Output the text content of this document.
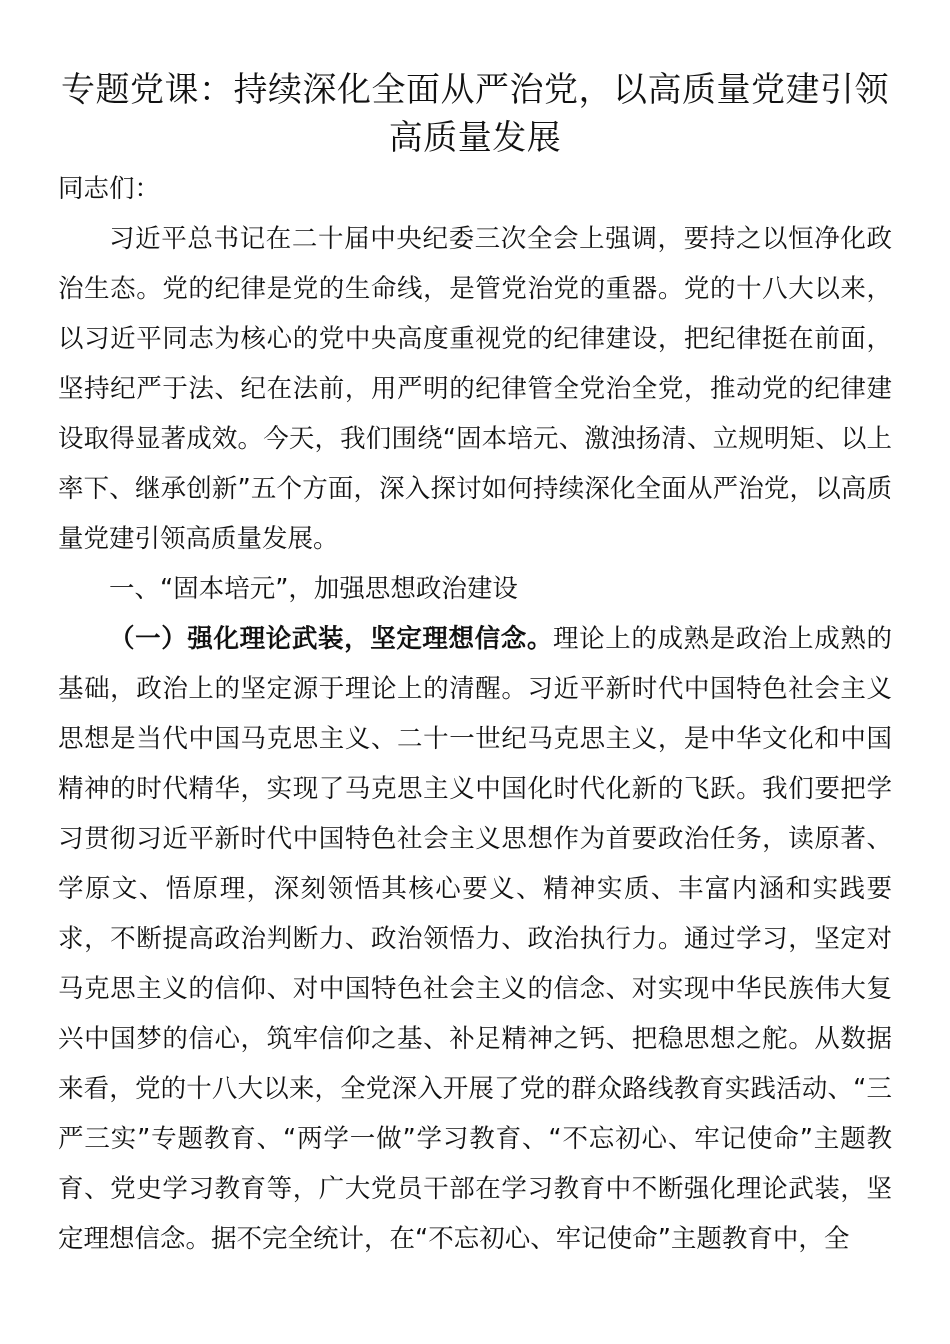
专题党课：持续深化全面从严治党，以高质量党建引领高质量发展

同志们：

习近平总书记在二十届中央纪委三次全会上强调，要持之以恒净化政治生态。党的纪律是党的生命线，是管党治党的重器。党的十八大以来，以习近平同志为核心的党中央高度重视党的纪律建设，把纪律挺在前面，坚持纪严于法、纪在法前，用严明的纪律管全党治全党，推动党的纪律建设取得显著成效。今天，我们围绕“固本培元、激浊扬清、立规明矩、以上率下、继承创新”五个方面，深入探讨如何持续深化全面从严治党，以高质量党建引领高质量发展。

一、“固本培元”，加强思想政治建设

（一）强化理论武装，坚定理想信念。理论上的成熟是政治上成熟的基础，政治上的坚定源于理论上的清醒。习近平新时代中国特色社会主义思想是当代中国马克思主义、二十一世纪马克思主义，是中华文化和中国精神的时代精华，实现了马克思主义中国化时代化新的飞跃。我们要把学习贯彻习近平新时代中国特色社会主义思想作为首要政治任务，读原著、学原文、悟原理，深刻领悟其核心要义、精神实质、丰富内涵和实践要求，不断提高政治判断力、政治领悟力、政治执行力。通过学习，坚定对马克思主义的信仰、对中国特色社会主义的信念、对实现中华民族伟大复兴中国梦的信心，筑牢信仰之基、补足精神之钙、把稳思想之舵。从数据来看，党的十八大以来，全党深入开展了党的群众路线教育实践活动、“三严三实”专题教育、“两学一做”学习教育、“不忘初心、牢记使命”主题教育、党史学习教育等，广大党员干部在学习教育中不断强化理论武装，坚定理想信念。据不完全统计，在“不忘初心、牢记使命”主题教育中，全
